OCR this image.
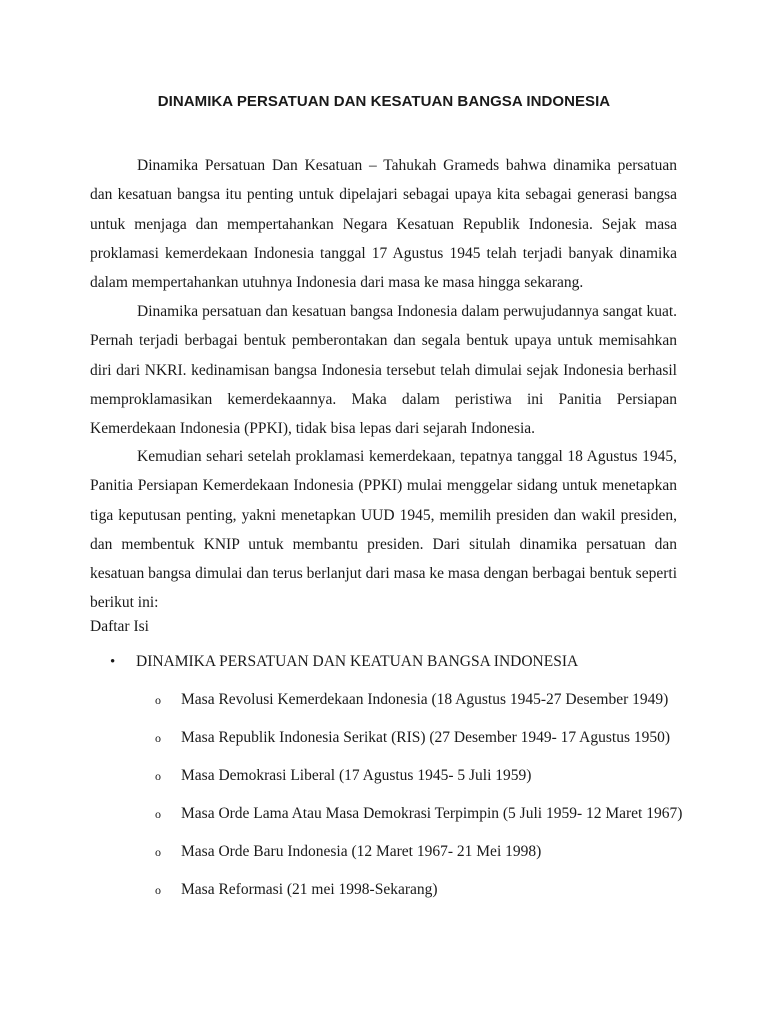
DINAMIKA PERSATUAN DAN KESATUAN BANGSA INDONESIA

Dinamika Persatuan Dan Kesatuan – Tahukah Grameds bahwa dinamika persatuan dan kesatuan bangsa itu penting untuk dipelajari sebagai upaya kita sebagai generasi bangsa untuk menjaga dan mempertahankan Negara Kesatuan Republik Indonesia. Sejak masa proklamasi kemerdekaan Indonesia tanggal 17 Agustus 1945 telah terjadi banyak dinamika dalam mempertahankan utuhnya Indonesia dari masa ke masa hingga sekarang.

Dinamika persatuan dan kesatuan bangsa Indonesia dalam perwujudannya sangat kuat. Pernah terjadi berbagai bentuk pemberontakan dan segala bentuk upaya untuk memisahkan diri dari NKRI. kedinamisan bangsa Indonesia tersebut telah dimulai sejak Indonesia berhasil memproklamasikan kemerdekaannya. Maka dalam peristiwa ini Panitia Persiapan Kemerdekaan Indonesia (PPKI), tidak bisa lepas dari sejarah Indonesia.

Kemudian sehari setelah proklamasi kemerdekaan, tepatnya tanggal 18 Agustus 1945, Panitia Persiapan Kemerdekaan Indonesia (PPKI) mulai menggelar sidang untuk menetapkan tiga keputusan penting, yakni menetapkan UUD 1945, memilih presiden dan wakil presiden, dan membentuk KNIP untuk membantu presiden. Dari situlah dinamika persatuan dan kesatuan bangsa dimulai dan terus berlanjut dari masa ke masa dengan berbagai bentuk seperti berikut ini:

Daftar Isi

•	DINAMIKA PERSATUAN DAN KEATUAN BANGSA INDONESIA
o	Masa Revolusi Kemerdekaan Indonesia (18 Agustus 1945-27 Desember 1949)
o	Masa Republik Indonesia Serikat (RIS) (27 Desember 1949- 17 Agustus 1950)
o	Masa Demokrasi Liberal (17 Agustus 1945- 5 Juli 1959)
o	Masa Orde Lama Atau Masa Demokrasi Terpimpin (5 Juli 1959- 12 Maret 1967)
o	Masa Orde Baru Indonesia (12 Maret 1967- 21 Mei 1998)
o	Masa Reformasi (21 mei 1998-Sekarang)
